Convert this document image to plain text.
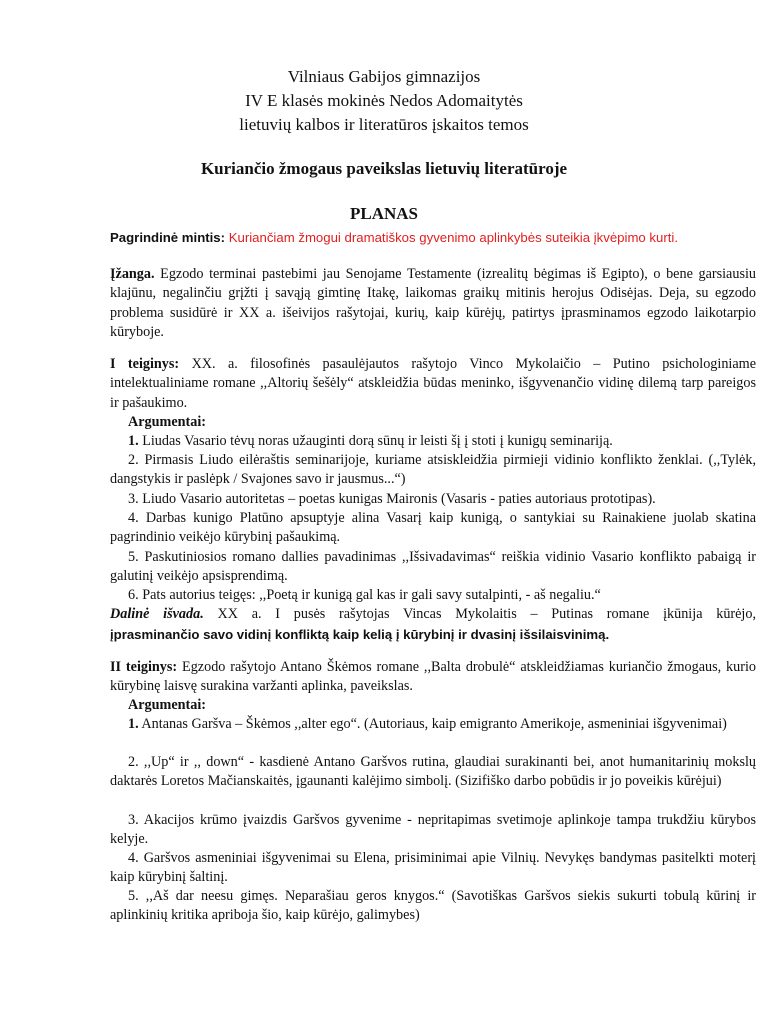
Vilniaus Gabijos gimnazijos
IV E klasės mokinės Nedos Adomaitytės
lietuvių kalbos ir literatūros įskaitos temos
Kuriančio žmogaus paveikslas lietuvių literatūroje
PLANAS
Pagrindinė mintis: Kuriančiam žmogui dramatiškos gyvenimo aplinkybės suteikia įkvėpimo kurti.
Įžanga. Egzodo terminai pastebimi jau Senojame Testamente (izrealitų bėgimas iš Egipto), o bene garsiausiu klajūnu, negalinčiu grįžti į savąją gimtinę Itakę, laikomas graikų mitinis herojus Odisėjas. Deja, su egzodo problema susidūrė ir XX a. išeivijos rašytojai, kurių, kaip kūrėjų, patirtys įprasminamos egzodo laikotarpio kūryboje.
I teiginys: XX. a. filosofinės pasaulėjautos rašytojo Vinco Mykolaičio – Putino psichologiniame intelektualiniame romane ,,Altorių šešėly“ atskleidžia būdas meninko, išgyvenančio vidinę dilemą tarp pareigos ir pašaukimo.
Argumentai:
1. Liudas Vasario tėvų noras užauginti dorą sūnų ir leisti šį į stoti į kunigų seminariją.
2. Pirmasis Liudo eilėraštis seminarijoje, kuriame atsiskleidžia pirmieji vidinio konflikto ženklai. (,,Tylėk, dangstykis ir paslėpk / Svajones savo ir jausmus...“)
3. Liudo Vasario autoritetas – poetas kunigas Maironis (Vasaris - paties autoriaus prototipas).
4. Darbas kunigo Platūno apsuptyje alina Vasarį kaip kunigą, o santykiai su Rainakiene juolab skatina pagrindinio veikėjo kūrybinį pašaukimą.
5. Paskutiniosios romano dallies pavadinimas ,,Išsivadavimas“ reiškia vidinio Vasario konflikto pabaigą ir galutinį veikėjo apsisprendimą.
6. Pats autorius teigęs: ,,Poetą ir kunigą gal kas ir gali savy sutalpinti, - aš negaliu.“
Dalinė išvada. XX a. I pusės rašytojas Vincas Mykolaitis – Putinas romane įkūnija kūrėjo,
įprasminančio savo vidinį konfliktą kaip kelią į kūrybinį ir dvasinį išsilaisvinimą.
II teiginys: Egzodo rašytojo Antano Škėmos romane ,,Balta drobulė“ atskleidžiamas kuriančio žmogaus, kurio kūrybinę laisvę surakina varžanti aplinka, paveikslas.
Argumentai:
1. Antanas Garšva – Škėmos ,,alter ego“. (Autoriaus, kaip emigranto Amerikoje, asmeniniai išgyvenimai)
2. ,,Up“ ir ,, down“ - kasdienė Antano Garšvos rutina, glaudiai surakinanti bei, anot humanitarinių mokslų daktarės Loretos Mačianskaitės, įgaunanti kalėjimo simbolį. (Sizifiško darbo pobūdis ir jo poveikis kūrėjui)
3. Akacijos krūmo įvaizdis Garšvos gyvenime - nepritapimas svetimoje aplinkoje tampa trukdžiu kūrybos kelyje.
4. Garšvos asmeniniai išgyvenimai su Elena, prisiminimai apie Vilnių. Nevykęs bandymas pasitelkti moterį kaip kūrybinį šaltinį.
5. ,,Aš dar neesu gimęs. Neparašiau geros knygos.“ (Savotiškas Garšvos siekis sukurti tobulą kūrinį ir aplinkinių kritika apriboja šio, kaip kūrėjo, galimybes)
